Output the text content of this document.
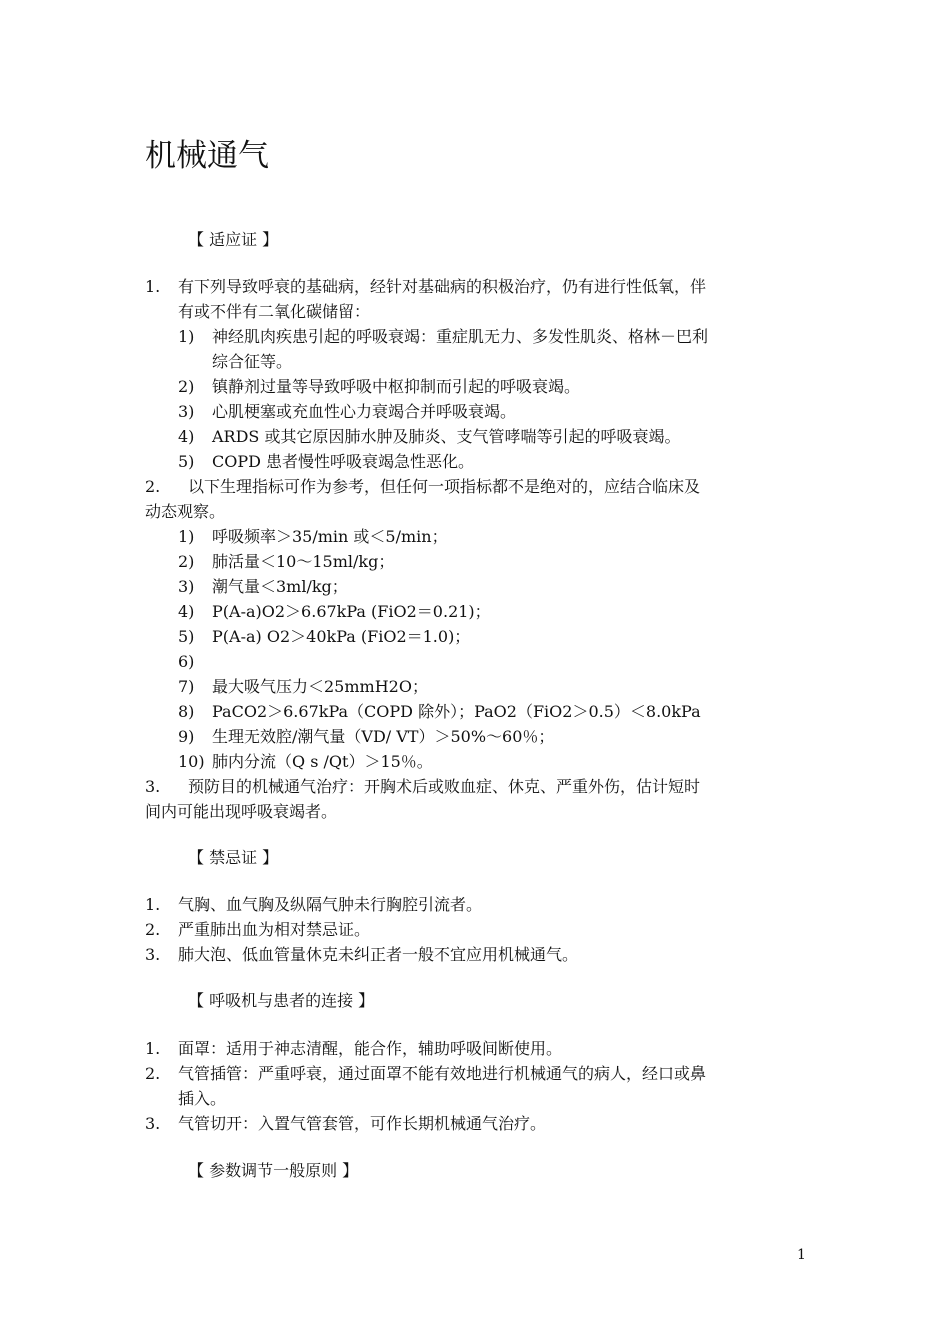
机械通气
【 适应证 】
1. 有下列导致呼衰的基础病，经针对基础病的积极治疗，仍有进行性低氧，伴
有或不伴有二氧化碳储留：
1) 神经肌肉疾患引起的呼吸衰竭：重症肌无力、多发性肌炎、格林－巴利
综合征等。
2) 镇静剂过量等导致呼吸中枢抑制而引起的呼吸衰竭。
3) 心肌梗塞或充血性心力衰竭合并呼吸衰竭。
4) ARDS 或其它原因肺水肿及肺炎、支气管哮喘等引起的呼吸衰竭。
5) COPD 患者慢性呼吸衰竭急性恶化。
2. 以下生理指标可作为参考，但任何一项指标都不是绝对的，应结合临床及
动态观察。
1) 呼吸频率＞35/min 或＜5/min；
2) 肺活量＜10～15ml/kg；
3) 潮气量＜3ml/kg；
4) P(A-a)O2＞6.67kPa (FiO2＝0.21)；
5) P(A-a) O2＞40kPa (FiO2＝1.0)；
6)
7) 最大吸气压力＜25mmH2O；
8) PaCO2＞6.67kPa（COPD 除外）；PaO2（FiO2＞0.5）＜8.0kPa
9) 生理无效腔/潮气量（VD/ VT）＞50%～60％；
10) 肺内分流（Q s /Qt）＞15％。
3. 预防目的机械通气治疗：开胸术后或败血症、休克、严重外伤，估计短时
间内可能出现呼吸衰竭者。
【 禁忌证 】
1. 气胸、血气胸及纵隔气肿未行胸腔引流者。
2. 严重肺出血为相对禁忌证。
3. 肺大泡、低血管量休克未纠正者一般不宜应用机械通气。
【 呼吸机与患者的连接 】
1. 面罩：适用于神志清醒，能合作，辅助呼吸间断使用。
2. 气管插管：严重呼衰，通过面罩不能有效地进行机械通气的病人，经口或鼻
插入。
3. 气管切开：入置气管套管，可作长期机械通气治疗。
【 参数调节一般原则 】
1
